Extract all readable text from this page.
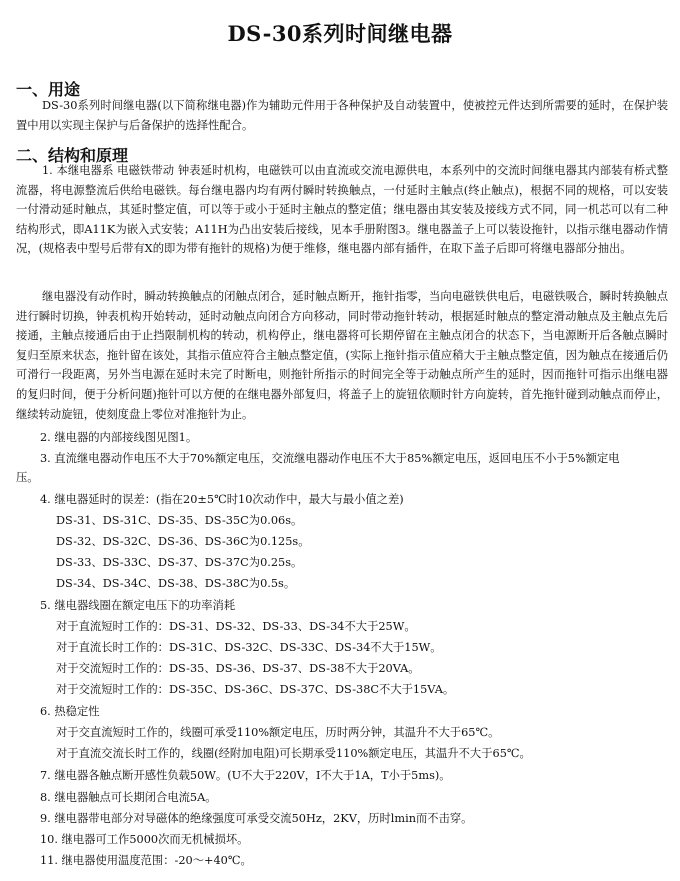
DS-30系列时间继电器
一、用途
DS-30系列时间继电器(以下简称继电器)作为辅助元件用于各种保护及自动装置中，使被控元件达到所需要的延时，在保护装置中用以实现主保护与后备保护的选择性配合。
二、结构和原理
1. 本继电器系 电磁铁带动 钟表延时机构，电磁铁可以由直流或交流电源供电，本系列中的交流时间继电器其内部装有桥式整流器，将电源整流后供给电磁铁。每台继电器内均有两付瞬时转换触点，一付延时主触点(终止触点)，根据不同的规格，可以安装一付滑动延时触点，其延时整定值，可以等于或小于延时主触点的整定值；继电器由其安装及接线方式不同，同一机芯可以有二种结构形式，即A11K为嵌入式安装；A11H为凸出安装后接线，见本手册附图3。继电器盖子上可以装设拖针，以指示继电器动作情况，(规格表中型号后带有X的即为带有拖针的规格)为便于维修，继电器内部有插件，在取下盖子后即可将继电器部分抽出。
继电器没有动作时，瞬动转换触点的闭触点闭合，延时触点断开，拖针指零，当向电磁铁供电后，电磁铁吸合，瞬时转换触点进行瞬时切换，钟表机构开始转动，延时动触点向闭合方向移动，同时带动拖针转动，根据延时触点的整定滑动触点及主触点先后接通，主触点接通后由于止挡限制机构的转动，机构停止，继电器将可长期停留在主触点闭合的状态下，当电源断开后各触点瞬时复归至原来状态，拖针留在该处，其指示值应符合主触点整定值，(实际上拖针指示值应稍大于主触点整定值，因为触点在接通后仍可滑行一段距离，另外当电源在延时未完了时断电，则拖针所指示的时间完全等于动触点所产生的延时，因而拖针可指示出继电器的复归时间，便于分析问题)拖针可以方便的在继电器外部复归，将盖子上的旋钮依顺时针方向旋转，首先拖针碰到动触点而停止，继续转动旋钮，使刻度盘上零位对准拖针为止。
2. 继电器的内部接线图见图1。
3. 直流继电器动作电压不大于70%额定电压，交流继电器动作电压不大于85%额定电压，返回电压不小于5%额定电
压。
4. 继电器延时的误差：(指在20±5℃时10次动作中，最大与最小值之差)
DS-31、DS-31C、DS-35、DS-35C为0.06s。
DS-32、DS-32C、DS-36、DS-36C为0.125s。
DS-33、DS-33C、DS-37、DS-37C为0.25s。
DS-34、DS-34C、DS-38、DS-38C为0.5s。
5. 继电器线圈在额定电压下的功率消耗
对于直流短时工作的：DS-31、DS-32、DS-33、DS-34不大于25W。
对于直流长时工作的：DS-31C、DS-32C、DS-33C、DS-34不大于15W。
对于交流短时工作的：DS-35、DS-36、DS-37、DS-38不大于20VA。
对于交流短时工作的：DS-35C、DS-36C、DS-37C、DS-38C不大于15VA。
6. 热稳定性
对于交直流短时工作的，线圈可承受110%额定电压，历时两分钟，其温升不大于65℃。
对于直流交流长时工作的，线圈(经附加电阻)可长期承受110%额定电压，其温升不大于65℃。
7. 继电器各触点断开感性负载50W。(U不大于220V，I不大于1A，T小于5ms)。
8. 继电器触点可长期闭合电流5A。
9. 继电器带电部分对导磁体的绝缘强度可承受交流50Hz，2KV，历时lmin而不击穿。
10. 继电器可工作5000次而无机械损坏。
11. 继电器使用温度范围：-20～+40℃。
